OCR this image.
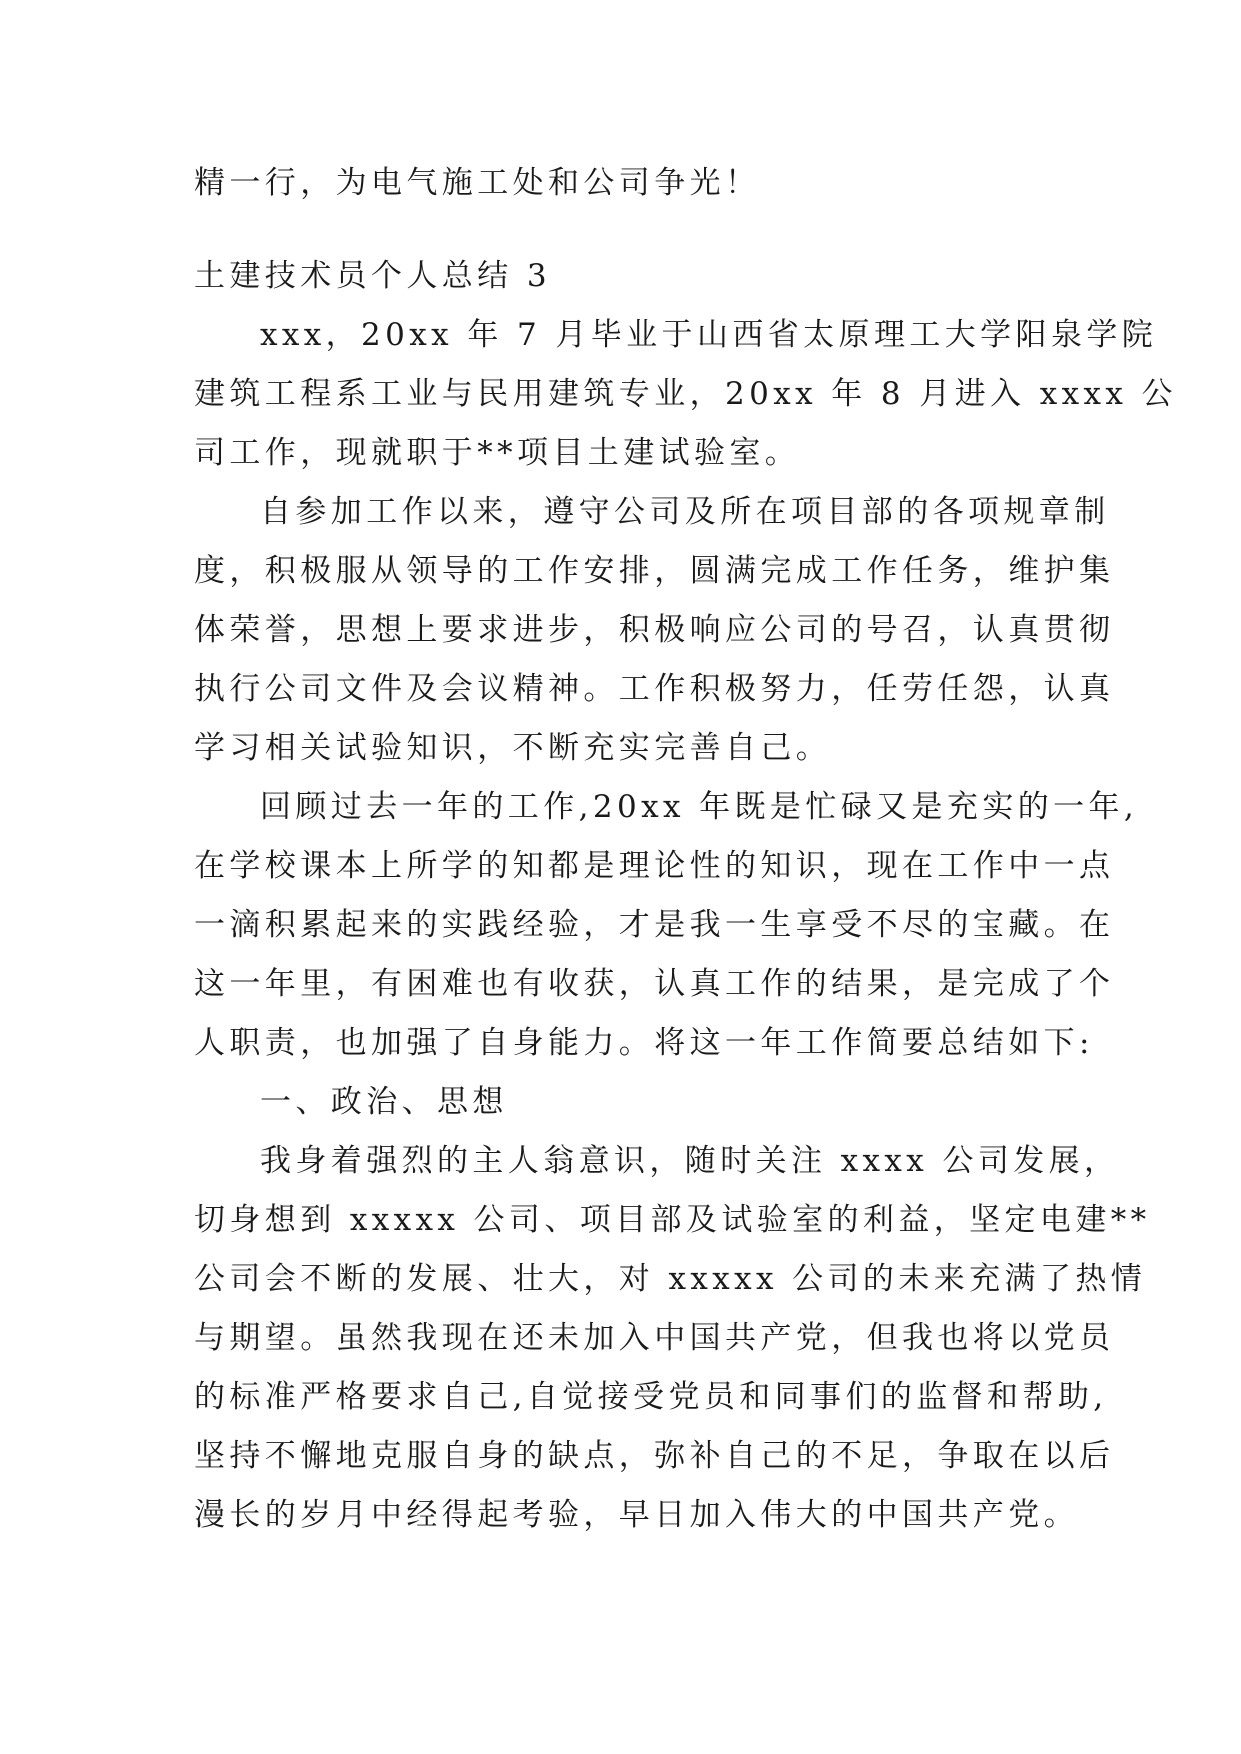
精一行，为电气施工处和公司争光！
土建技术员个人总结 3
xxx，20xx 年 7 月毕业于山西省太原理工大学阳泉学院
建筑工程系工业与民用建筑专业，20xx 年 8 月进入 xxxx 公
司工作，现就职于**项目土建试验室。
自参加工作以来，遵守公司及所在项目部的各项规章制
度，积极服从领导的工作安排，圆满完成工作任务，维护集
体荣誉，思想上要求进步，积极响应公司的号召，认真贯彻
执行公司文件及会议精神。工作积极努力，任劳任怨，认真
学习相关试验知识，不断充实完善自己。
回顾过去一年的工作,20xx 年既是忙碌又是充实的一年,
在学校课本上所学的知都是理论性的知识，现在工作中一点
一滴积累起来的实践经验，才是我一生享受不尽的宝藏。在
这一年里，有困难也有收获，认真工作的结果，是完成了个
人职责，也加强了自身能力。将这一年工作简要总结如下:
一、政治、思想
我身着强烈的主人翁意识，随时关注 xxxx 公司发展，
切身想到 xxxxx 公司、项目部及试验室的利益，坚定电建**
公司会不断的发展、壮大，对 xxxxx 公司的未来充满了热情
与期望。虽然我现在还未加入中国共产党，但我也将以党员
的标准严格要求自己,自觉接受党员和同事们的监督和帮助,
坚持不懈地克服自身的缺点，弥补自己的不足，争取在以后
漫长的岁月中经得起考验，早日加入伟大的中国共产党。
